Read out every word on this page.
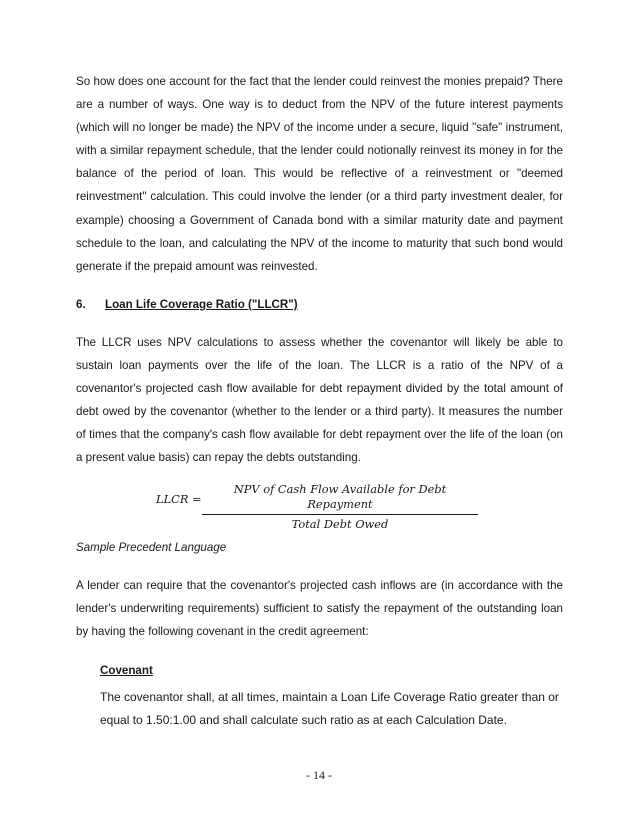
So how does one account for the fact that the lender could reinvest the monies prepaid? There are a number of ways. One way is to deduct from the NPV of the future interest payments (which will no longer be made) the NPV of the income under a secure, liquid "safe" instrument, with a similar repayment schedule, that the lender could notionally reinvest its money in for the balance of the period of loan. This would be reflective of a reinvestment or "deemed reinvestment" calculation. This could involve the lender (or a third party investment dealer, for example) choosing a Government of Canada bond with a similar maturity date and payment schedule to the loan, and calculating the NPV of the income to maturity that such bond would generate if the prepaid amount was reinvested.

6. Loan Life Coverage Ratio ("LLCR")

The LLCR uses NPV calculations to assess whether the covenantor will likely be able to sustain loan payments over the life of the loan. The LLCR is a ratio of the NPV of a covenantor's projected cash flow available for debt repayment divided by the total amount of debt owed by the covenantor (whether to the lender or a third party). It measures the number of times that the company's cash flow available for debt repayment over the life of the loan (on a present value basis) can repay the debts outstanding.

LLCR =
NPV of Cash Flow Available for Debt Repayment
Total Debt Owed

Sample Precedent Language

A lender can require that the covenantor's projected cash inflows are (in accordance with the lender's underwriting requirements) sufficient to satisfy the repayment of the outstanding loan by having the following covenant in the credit agreement:

Covenant

The covenantor shall, at all times, maintain a Loan Life Coverage Ratio greater than or equal to 1.50:1.00 and shall calculate such ratio as at each Calculation Date.

- 14 -
